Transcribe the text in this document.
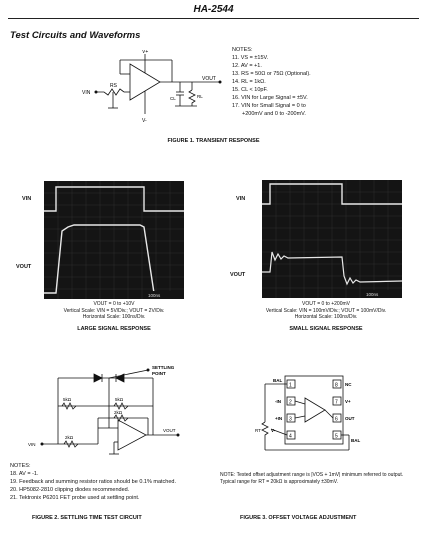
HA-2544
Test Circuits and Waveforms
V+
V-
RS
VIN
VOUT
CL	RL
NOTES:
11. VS = ±15V.
12. AV = +1.
13. RS = 50Ω or 75Ω (Optional).
14. RL = 1kΩ.
15. CL < 10pF.
16. VIN for Large Signal = ±5V.
17. VIN for Small Signal = 0 to
+200mV and 0 to -200mV.
FIGURE 1. TRANSIENT RESPONSE
VIN
VOUT
100ns
VOUT = 0 to +10V
Vertical Scale: VIN = 5V/Div.; VOUT = 2V/Div.
Horizontal Scale: 100ns/Div.
LARGE SIGNAL RESPONSE
VIN
VOUT
100ns
VOUT = 0 to +200mV
Vertical Scale: VIN = 100mV/Div.; VOUT = 100mV/Div.
Horizontal Scale: 100ns/Div.
SMALL SIGNAL RESPONSE
SETTLING
POINT
5kΩ	5kΩ
2kΩ
2kΩ
VIN
VOUT
NOTES:
18. AV = -1.
19. Feedback and summing resistor ratios should be 0.1% matched.
20. HP5082-2810 clipping diodes recommended.
21. Tektronix P6201 FET probe used at settling point.
FIGURE 2. SETTLING TIME TEST CIRCUIT
1
2
3
4	5
6
7
8
BAL
-IN
+IN
V-
NC
V+
OUT
BAL
RT
NOTE: Tested offset adjustment range is |VOS + 1mV| minimum referred to output. Typical range for RT = 20kΩ is approximately ±30mV.
FIGURE 3. OFFSET VOLTAGE ADJUSTMENT
